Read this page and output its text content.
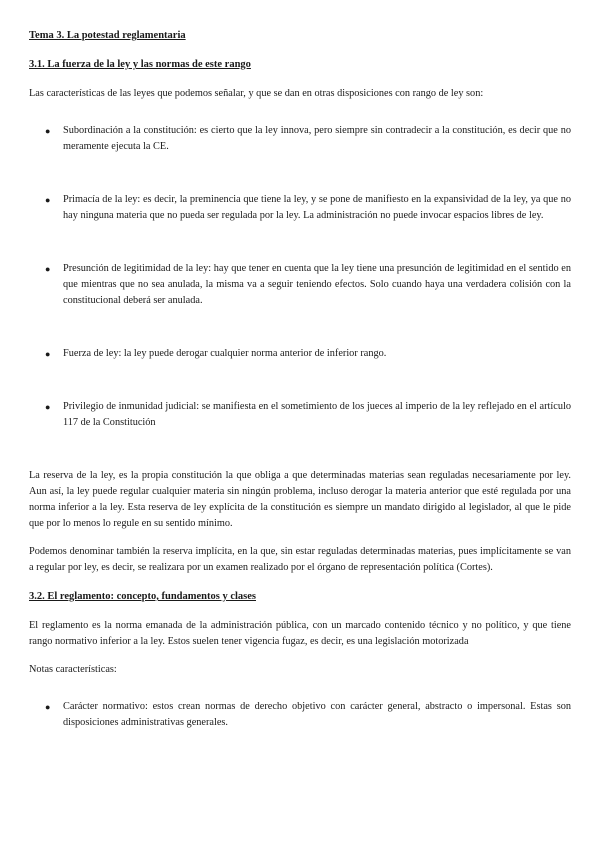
Tema 3. La potestad reglamentaria

3.1. La fuerza de la ley y las normas de este rango

Las características de las leyes que podemos señalar, y que se dan en otras disposiciones con rango de ley son:

● Subordinación a la constitución: es cierto que la ley innova, pero siempre sin contradecir a la constitución, es decir que no meramente ejecuta la CE.
● Primacía de la ley: es decir, la preminencia que tiene la ley, y se pone de manifiesto en la expansividad de la ley, ya que no hay ninguna materia que no pueda ser regulada por la ley. La administración no puede invocar espacios libres de ley.
● Presunción de legitimidad de la ley: hay que tener en cuenta que la ley tiene una presunción de legitimidad en el sentido en que mientras que no sea anulada, la misma va a seguir teniendo efectos. Solo cuando haya una verdadera colisión con la constitucional deberá ser anulada.
● Fuerza de ley: la ley puede derogar cualquier norma anterior de inferior rango.
● Privilegio de inmunidad judicial: se manifiesta en el sometimiento de los jueces al imperio de la ley reflejado en el artículo 117 de la Constitución

La reserva de la ley, es la propia constitución la que obliga a que determinadas materias sean reguladas necesariamente por ley. Aun así, la ley puede regular cualquier materia sin ningún problema, incluso derogar la materia anterior que esté regulada por una norma inferior a la ley. Esta reserva de ley explícita de la constitución es siempre un mandato dirigido al legislador, al que le pide que por lo menos lo regule en su sentido mínimo.

Podemos denominar también la reserva implícita, en la que, sin estar reguladas determinadas materias, pues implícitamente se van a regular por ley, es decir, se realizara por un examen realizado por el órgano de representación política (Cortes).

3.2. El reglamento: concepto, fundamentos y clases

El reglamento es la norma emanada de la administración pública, con un marcado contenido técnico y no político, y que tiene rango normativo inferior a la ley. Estos suelen tener vigencia fugaz, es decir, es una legislación motorizada

Notas características:

● Carácter normativo: estos crean normas de derecho objetivo con carácter general, abstracto o impersonal. Estas son disposiciones administrativas generales.
